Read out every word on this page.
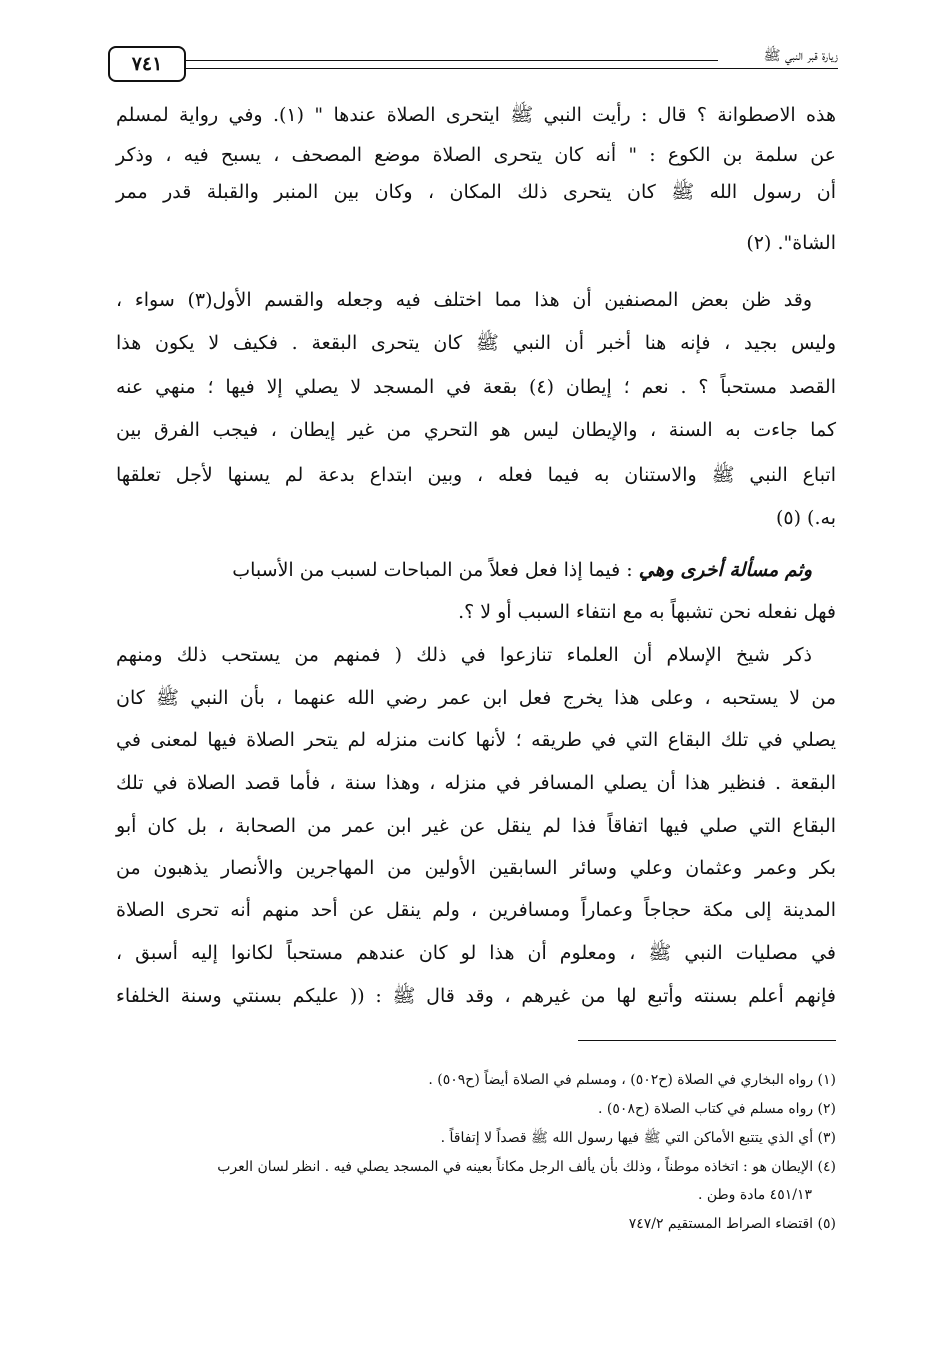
٧٤١	زيارة قبر النبي ﷺ
هذه الاصطوانة ؟ قال : رأيت النبي ﷺ ايتحرى الصلاة عندها " (١). وفي رواية لمسلم
عن سلمة بن الكوع : " أنه كان يتحرى الصلاة موضع المصحف ، يسبح فيه ، وذكر
أن رسول الله ﷺ كان يتحرى ذلك المكان ، وكان بين المنبر والقبلة قدر ممر
الشاة". (٢)
وقد ظن بعض المصنفين أن هذا مما اختلف فيه وجعله والقسم الأول(٣) سواء ،
وليس بجيد ، فإنه هنا أخبر أن النبي ﷺ كان يتحرى البقعة . فكيف لا يكون هذا
القصد مستحباً ؟ . نعم ؛ إيطان (٤) بقعة في المسجد لا يصلي إلا فيها ؛ منهي عنه
كما جاءت به السنة ، والإيطان ليس هو التحري من غير إيطان ، فيجب الفرق بين
اتباع النبي ﷺ والاستنان به فيما فعله ، وبين ابتداع بدعة لم يسنها لأجل تعلقها
به.) (٥)
وثم مسألة أخرى وهي : فيما إذا فعل فعلاً من المباحات لسبب من الأسباب
فهل نفعله نحن تشبهاً به مع انتفاء السبب أو لا ؟.
ذكر شيخ الإسلام أن العلماء تنازعوا في ذلك ( فمنهم من يستحب ذلك ومنهم
من لا يستحبه ، وعلى هذا يخرج فعل ابن عمر رضي الله عنهما ، بأن النبي ﷺ كان
يصلي في تلك البقاع التي في طريقه ؛ لأنها كانت منزله لم يتحر الصلاة فيها لمعنى في
البقعة . فنظير هذا أن يصلي المسافر في منزله ، وهذا سنة ، فأما قصد الصلاة في تلك
البقاع التي صلي فيها اتفاقاً فذا لم ينقل عن غير ابن عمر من الصحابة ، بل كان أبو
بكر وعمر وعثمان وعلي وسائر السابقين الأولين من المهاجرين والأنصار يذهبون من
المدينة إلى مكة حجاجاً وعماراً ومسافرين ، ولم ينقل عن أحد منهم أنه تحرى الصلاة
في مصليات النبي ﷺ ، ومعلوم أن هذا لو كان عندهم مستحباً لكانوا إليه أسبق ،
فإنهم أعلم بسنته وأتبع لها من غيرهم ، وقد قال ﷺ : (( عليكم بسنتي وسنة الخلفاء
(١) رواه البخاري في الصلاة (ح٥٠٢) ، ومسلم في الصلاة أيضاً (ح٥٠٩) .
(٢) رواه مسلم في كتاب الصلاة (ح٥٠٨) .
(٣) أي الذي يتتبع الأماكن التي ﷺ فيها رسول الله ﷺ قصداً لا إتفاقاً .
(٤) الإيطان هو : اتخاذه موطناً ، وذلك بأن يألف الرجل مكاناً بعينه في المسجد يصلي فيه . انظر لسان العرب
٤٥١/١٣ مادة وطن .
(٥) اقتضاء الصراط المستقيم ٧٤٧/٢
